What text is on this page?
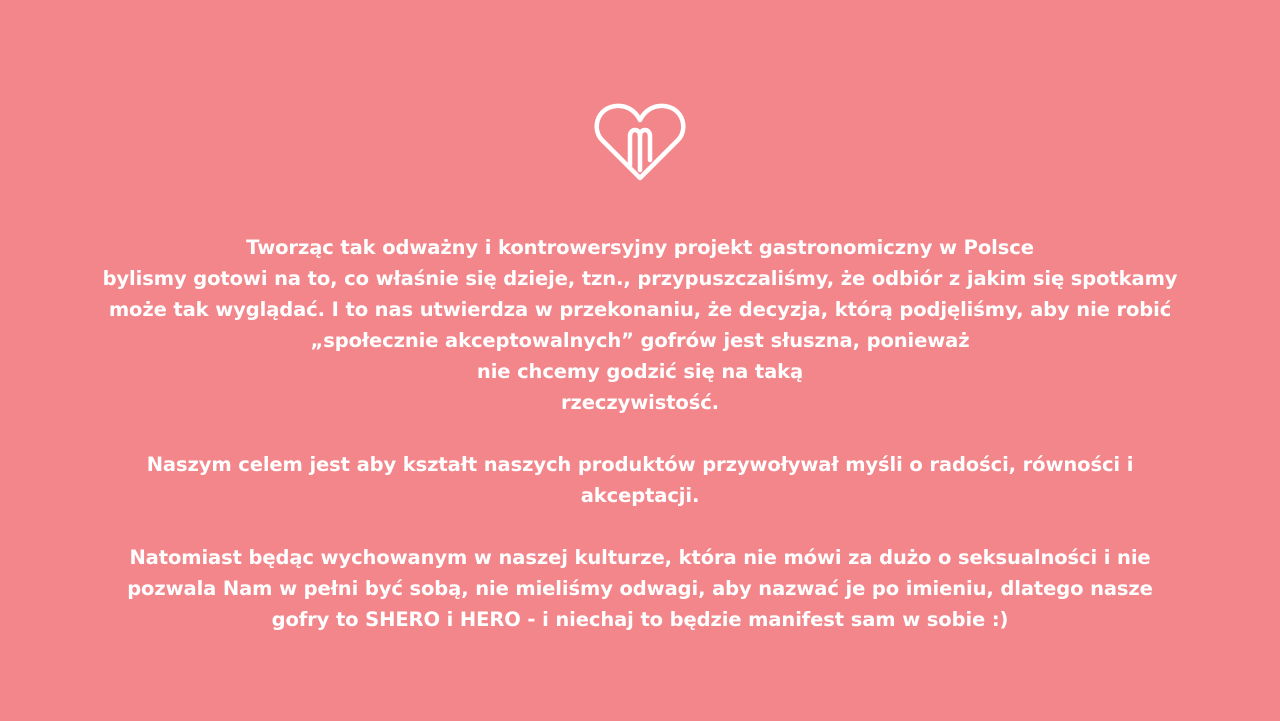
Tworząc tak odważny i kontrowersyjny projekt gastronomiczny w Polsce
bylismy gotowi na to, co właśnie się dzieje, tzn., przypuszczaliśmy, że odbiór z jakim się spotkamy
może tak wyglądać. I to nas utwierdza w przekonaniu, że decyzja, którą podjęliśmy, aby nie robić
„społecznie akceptowalnych” gofrów jest słuszna, ponieważ
nie chcemy godzić się na taką
rzeczywistość.

Naszym celem jest aby kształt naszych produktów przywoływał myśli o radości, równości i
akceptacji.

Natomiast będąc wychowanym w naszej kulturze, która nie mówi za dużo o seksualności i nie
pozwala Nam w pełni być sobą, nie mieliśmy odwagi, aby nazwać je po imieniu, dlatego nasze
gofry to SHERO i HERO - i niechaj to będzie manifest sam w sobie :)
